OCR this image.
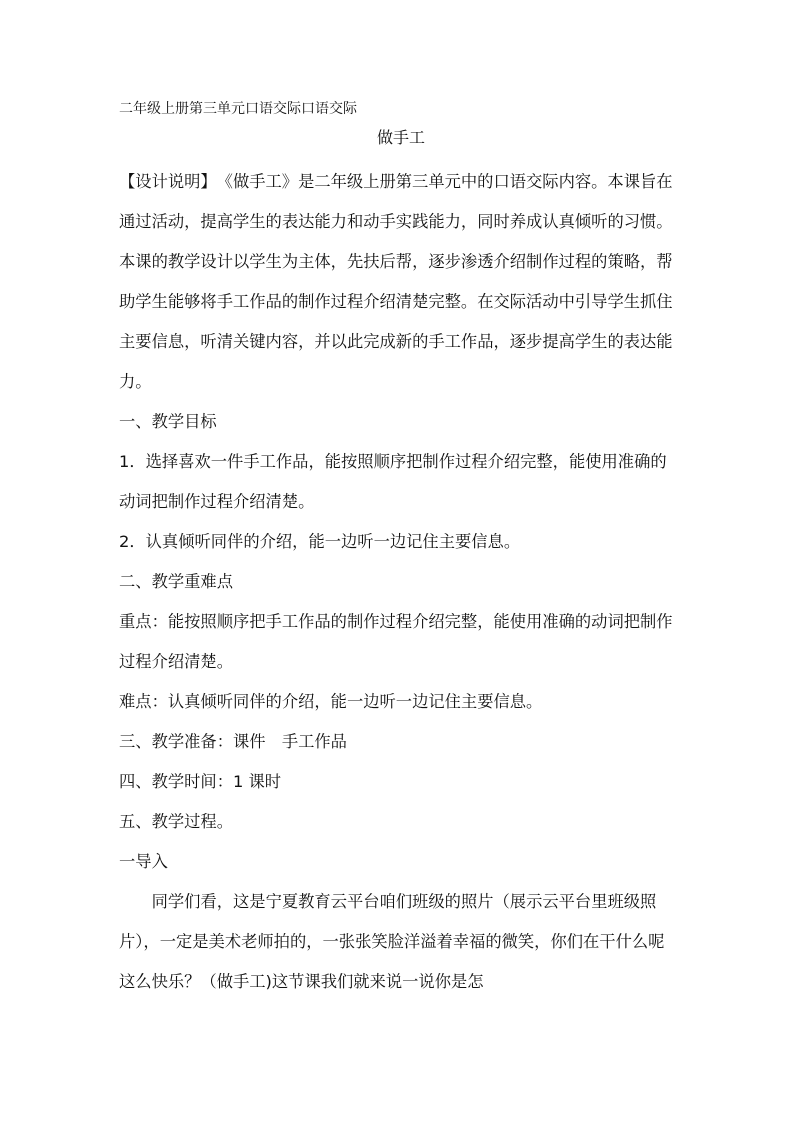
二年级上册第三单元口语交际口语交际
做手工

【设计说明】　《做手工》是二年级上册第三单元中的口语交际内容。本课旨在通过活动，提高学生的表达能力和动手实践能力，同时养成认真倾听的习惯。本课的教学设计以学生为主体，先扶后帮，逐步渗透介绍制作过程的策略，帮助学生能够将手工作品的制作过程介绍清楚完整。在交际活动中引导学生抓住主要信息，听清关键内容，并以此完成新的手工作品，逐步提高学生的表达能力。

一、教学目标

1．选择喜欢一件手工作品，能按照顺序把制作过程介绍完整，能使用准确的动词把制作过程介绍清楚。

2．认真倾听同伴的介绍，能一边听一边记住主要信息。

二、教学重难点

重点：能按照顺序把手工作品的制作过程介绍完整，能使用准确的动词把制作过程介绍清楚。

难点：认真倾听同伴的介绍，能一边听一边记住主要信息。

三、教学准备：课件　手工作品

四、教学时间：1 课时

五、教学过程。

一导入

同学们看，这是宁夏教育云平台咱们班级的照片（展示云平台里班级照片），一定是美术老师拍的，一张张笑脸洋溢着幸福的微笑，你们在干什么呢这么快乐？（做手工)这节课我们就来说一说你是怎
